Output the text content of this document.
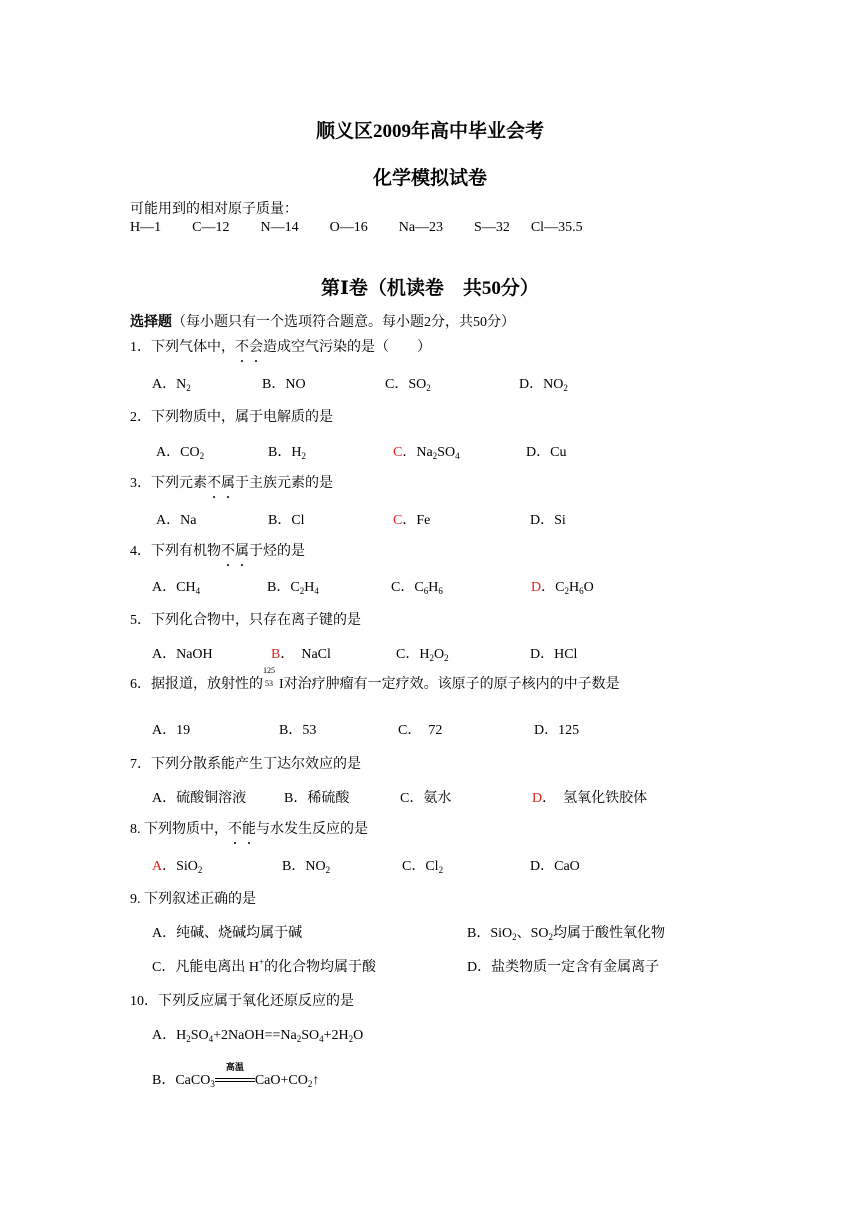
顺义区2009年高中毕业会考
化学模拟试卷
可能用到的相对原子质量：
H—1 C—12 N—14 O—16 Na—23 S—32 Cl—35.5
第Ⅰ卷（机读卷　共50分）
选择题（每小题只有一个选项符合题意。每小题2分，共50分）
1．下列气体中，不会造成空气污染的是（　　）
A．$N_2$	B．NO	C．$SO_2$	D．$NO_2$
2．下列物质中，属于电解质的是
A．$CO_2$	B．$H_2$	C．$Na_2SO_4$	D．Cu
3．下列元素不属于主族元素的是
A．Na	B．Cl	C．Fe	D．Si
4．下列有机物不属于烃的是
A．$CH_4$	B．$C_2H_4$	C．$C_6H_6$	D．$C_2H_6O$
5．下列化合物中，只存在离子键的是
A．NaOH	B．　NaCl	C．$H_2O_2$	D．HCl
6．据报道，放射性的
125
53 I对治疗肿瘤有一定疗效。该原子的原子核内的中子数是
A．19	B．53	C．　72	D．125
7．下列分散系能产生丁达尔效应的是
A．硫酸铜溶液	B．稀硫酸	C．氨水	D．　氢氧化铁胶体
8. 下列物质中，不能与水发生反应的是
A．SiO$_2$	B．$NO_2$	C．$Cl_2$	D．CaO
9. 下列叙述正确的是
A．纯碱、烧碱均属于碱	B．SiO$_2$、$SO_2$均属于酸性氧化物
C．凡能电离出 H+的化合物均属于酸	D．盐类物质一定含有金属离子
10．下列反应属于氧化还原反应的是
A．$H_2SO_4+2NaOH==Na_2SO_4+2H_2O$
B．CaCO$_3$
高温
$CaO+CO_2↑$
